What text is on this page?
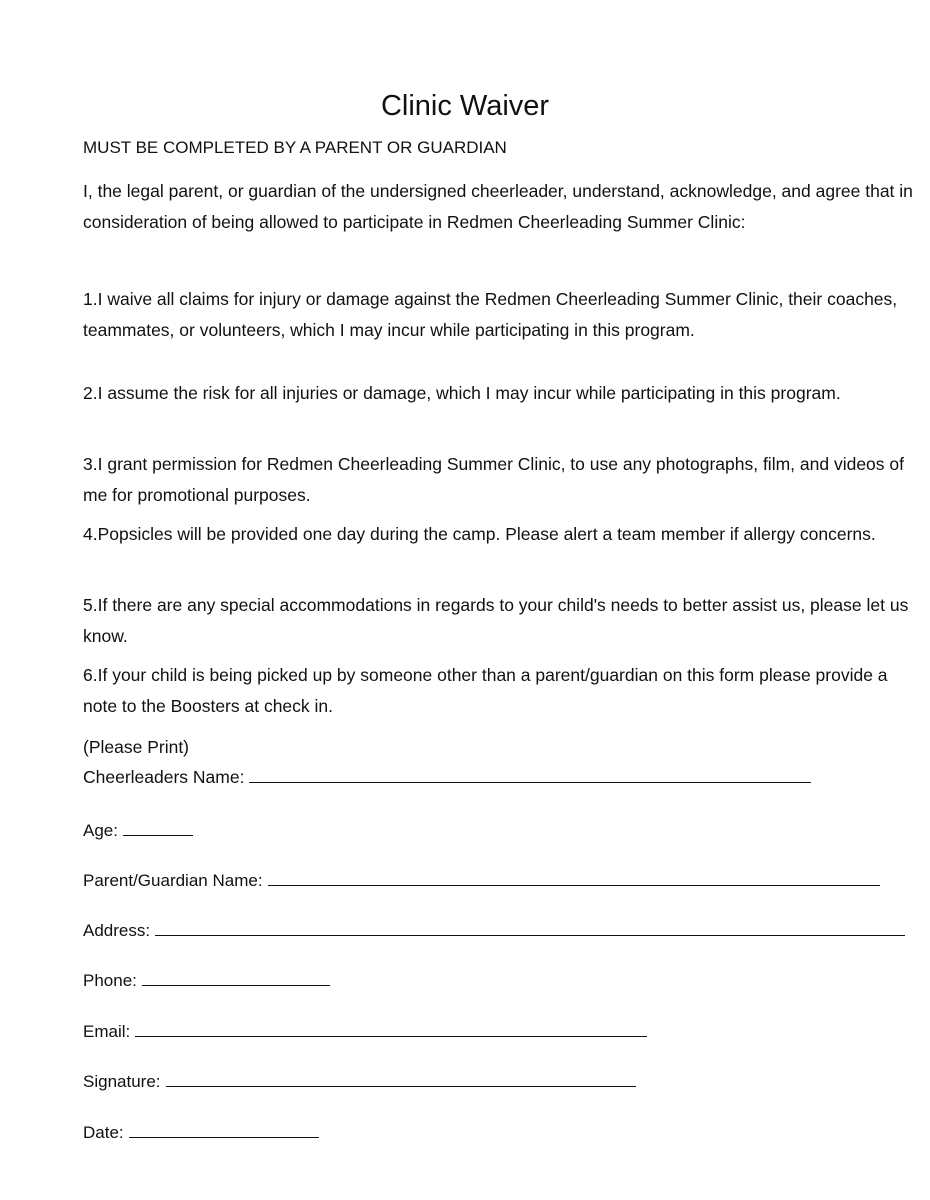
Clinic Waiver

MUST BE COMPLETED BY A PARENT OR GUARDIAN

I, the legal parent, or guardian of the undersigned cheerleader, understand, acknowledge, and agree that in consideration of being allowed to participate in Redmen Cheerleading Summer Clinic:

1.I waive all claims for injury or damage against the Redmen Cheerleading Summer Clinic, their coaches, teammates, or volunteers, which I may incur while participating in this program.

2.I assume the risk for all injuries or damage, which I may incur while participating in this program.

3.I grant permission for Redmen Cheerleading Summer Clinic, to use any photographs, film, and videos of me for promotional purposes.

4.Popsicles will be provided one day during the camp. Please alert a team member if allergy concerns.

5.If there are any special accommodations in regards to your child's needs to better assist us, please let us know.

6.If your child is being picked up by someone other than a parent/guardian on this form please provide a note to the Boosters at check in.

(Please Print)
Cheerleaders Name:
Age:
Parent/Guardian Name:
Address:
Phone:
Email:
Signature:
Date:
